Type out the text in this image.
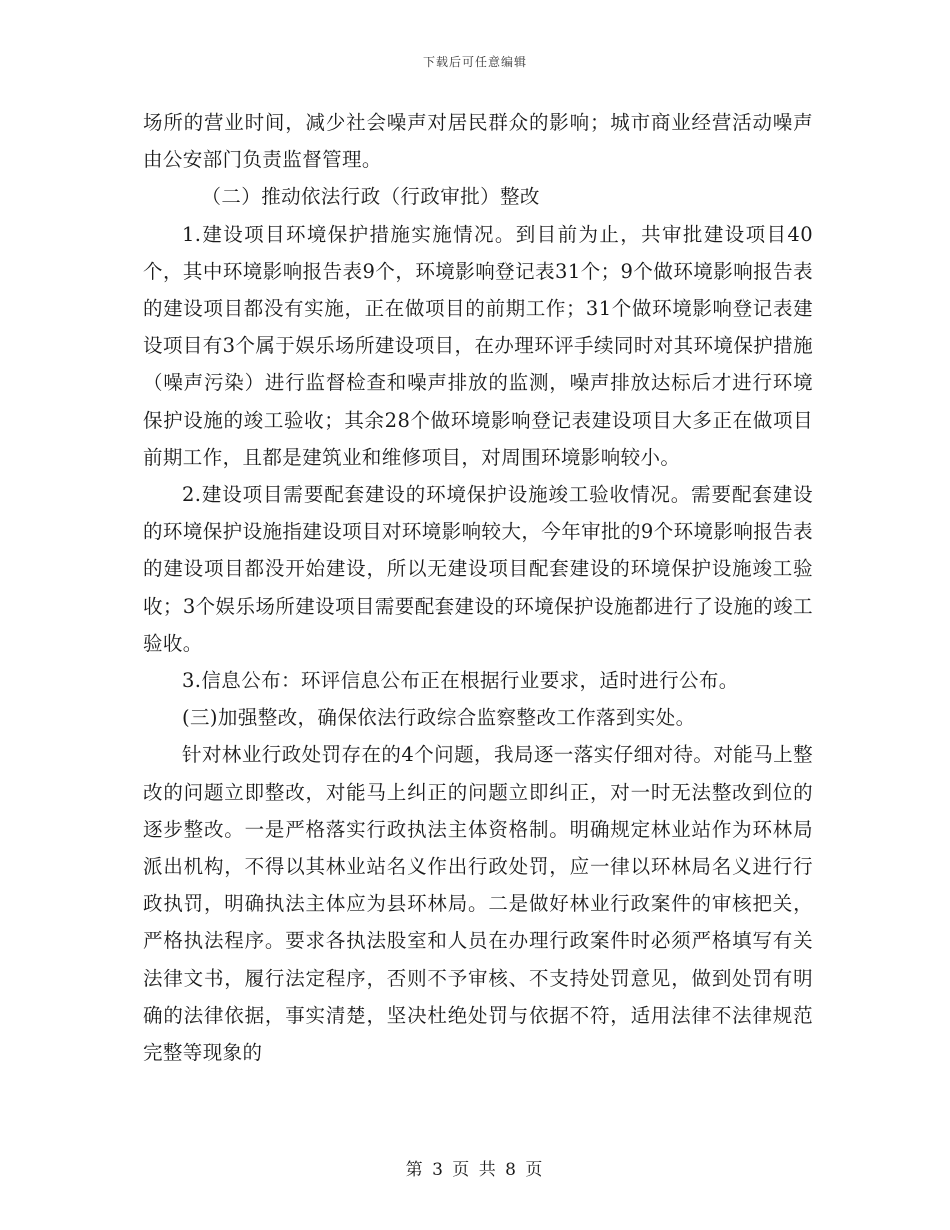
下载后可任意编辑

场所的营业时间，减少社会噪声对居民群众的影响；城市商业经营活动噪声由公安部门负责监督管理。

（二）推动依法行政（行政审批）整改

1.建设项目环境保护措施实施情况。到目前为止，共审批建设项目40个，其中环境影响报告表9个，环境影响登记表31个；9个做环境影响报告表的建设项目都没有实施，正在做项目的前期工作；31个做环境影响登记表建设项目有3个属于娱乐场所建设项目，在办理环评手续同时对其环境保护措施（噪声污染）进行监督检查和噪声排放的监测，噪声排放达标后才进行环境保护设施的竣工验收；其余28个做环境影响登记表建设项目大多正在做项目前期工作，且都是建筑业和维修项目，对周围环境影响较小。

2.建设项目需要配套建设的环境保护设施竣工验收情况。需要配套建设的环境保护设施指建设项目对环境影响较大，今年审批的9个环境影响报告表的建设项目都没开始建设，所以无建设项目配套建设的环境保护设施竣工验收；3个娱乐场所建设项目需要配套建设的环境保护设施都进行了设施的竣工验收。

3.信息公布：环评信息公布正在根据行业要求，适时进行公布。

(三)加强整改，确保依法行政综合监察整改工作落到实处。

针对林业行政处罚存在的4个问题，我局逐一落实仔细对待。对能马上整改的问题立即整改，对能马上纠正的问题立即纠正，对一时无法整改到位的逐步整改。一是严格落实行政执法主体资格制。明确规定林业站作为环林局派出机构，不得以其林业站名义作出行政处罚，应一律以环林局名义进行行政执罚，明确执法主体应为县环林局。二是做好林业行政案件的审核把关，严格执法程序。要求各执法股室和人员在办理行政案件时必须严格填写有关法律文书，履行法定程序，否则不予审核、不支持处罚意见，做到处罚有明确的法律依据，事实清楚，坚决杜绝处罚与依据不符，适用法律不法律规范完整等现象的

第 3 页 共 8 页
